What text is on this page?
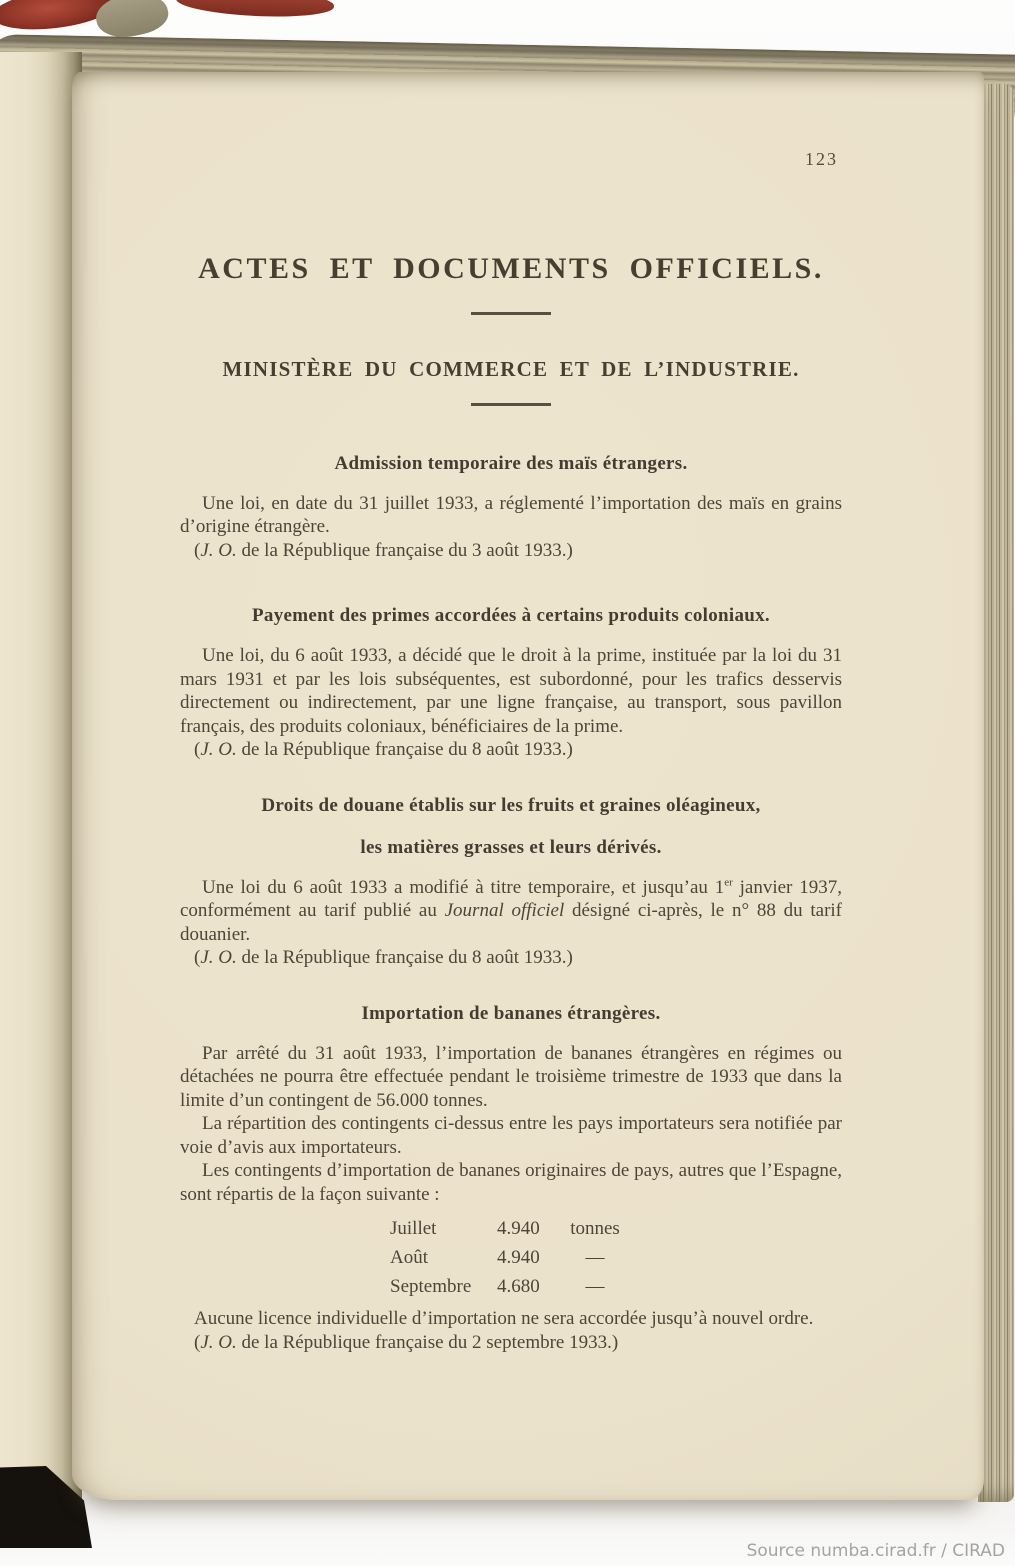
123
ACTES ET DOCUMENTS OFFICIELS.
MINISTÈRE DU COMMERCE ET DE L’INDUSTRIE.
Admission temporaire des maïs étrangers.

Une loi, en date du 31 juillet 1933, a réglementé l’importation des maïs en grains d’origine étrangère.

(J. O. de la République française du 3 août 1933.)

Payement des primes accordées à certains produits coloniaux.

Une loi, du 6 août 1933, a décidé que le droit à la prime, instituée par la loi du 31 mars 1931 et par les lois subséquentes, est subordonné, pour les trafics desservis directement ou indirectement, par une ligne française, au transport, sous pavillon français, des produits coloniaux, bénéficiaires de la prime.

(J. O. de la République française du 8 août 1933.)

Droits de douane établis sur les fruits et graines oléagineux,
les matières grasses et leurs dérivés.

Une loi du 6 août 1933 a modifié à titre temporaire, et jusqu’au 1er janvier 1937, conformément au tarif publié au Journal officiel désigné ci-après, le n° 88 du tarif douanier.

(J. O. de la République française du 8 août 1933.)

Importation de bananes étrangères.

Par arrêté du 31 août 1933, l’importation de bananes étrangères en régimes ou détachées ne pourra être effectuée pendant le troisième trimestre de 1933 que dans la limite d’un contingent de 56.000 tonnes.

La répartition des contingents ci-dessus entre les pays importateurs sera notifiée par voie d’avis aux importateurs.

Les contingents d’importation de bananes originaires de pays, autres que l’Espagne, sont répartis de la façon suivante :

Juillet	4.940	tonnes
Août	4.940	—
Septembre	4.680	—

Aucune licence individuelle d’importation ne sera accordée jusqu’à nouvel ordre.

(J. O. de la République française du 2 septembre 1933.)

Source numba.cirad.fr / CIRAD
